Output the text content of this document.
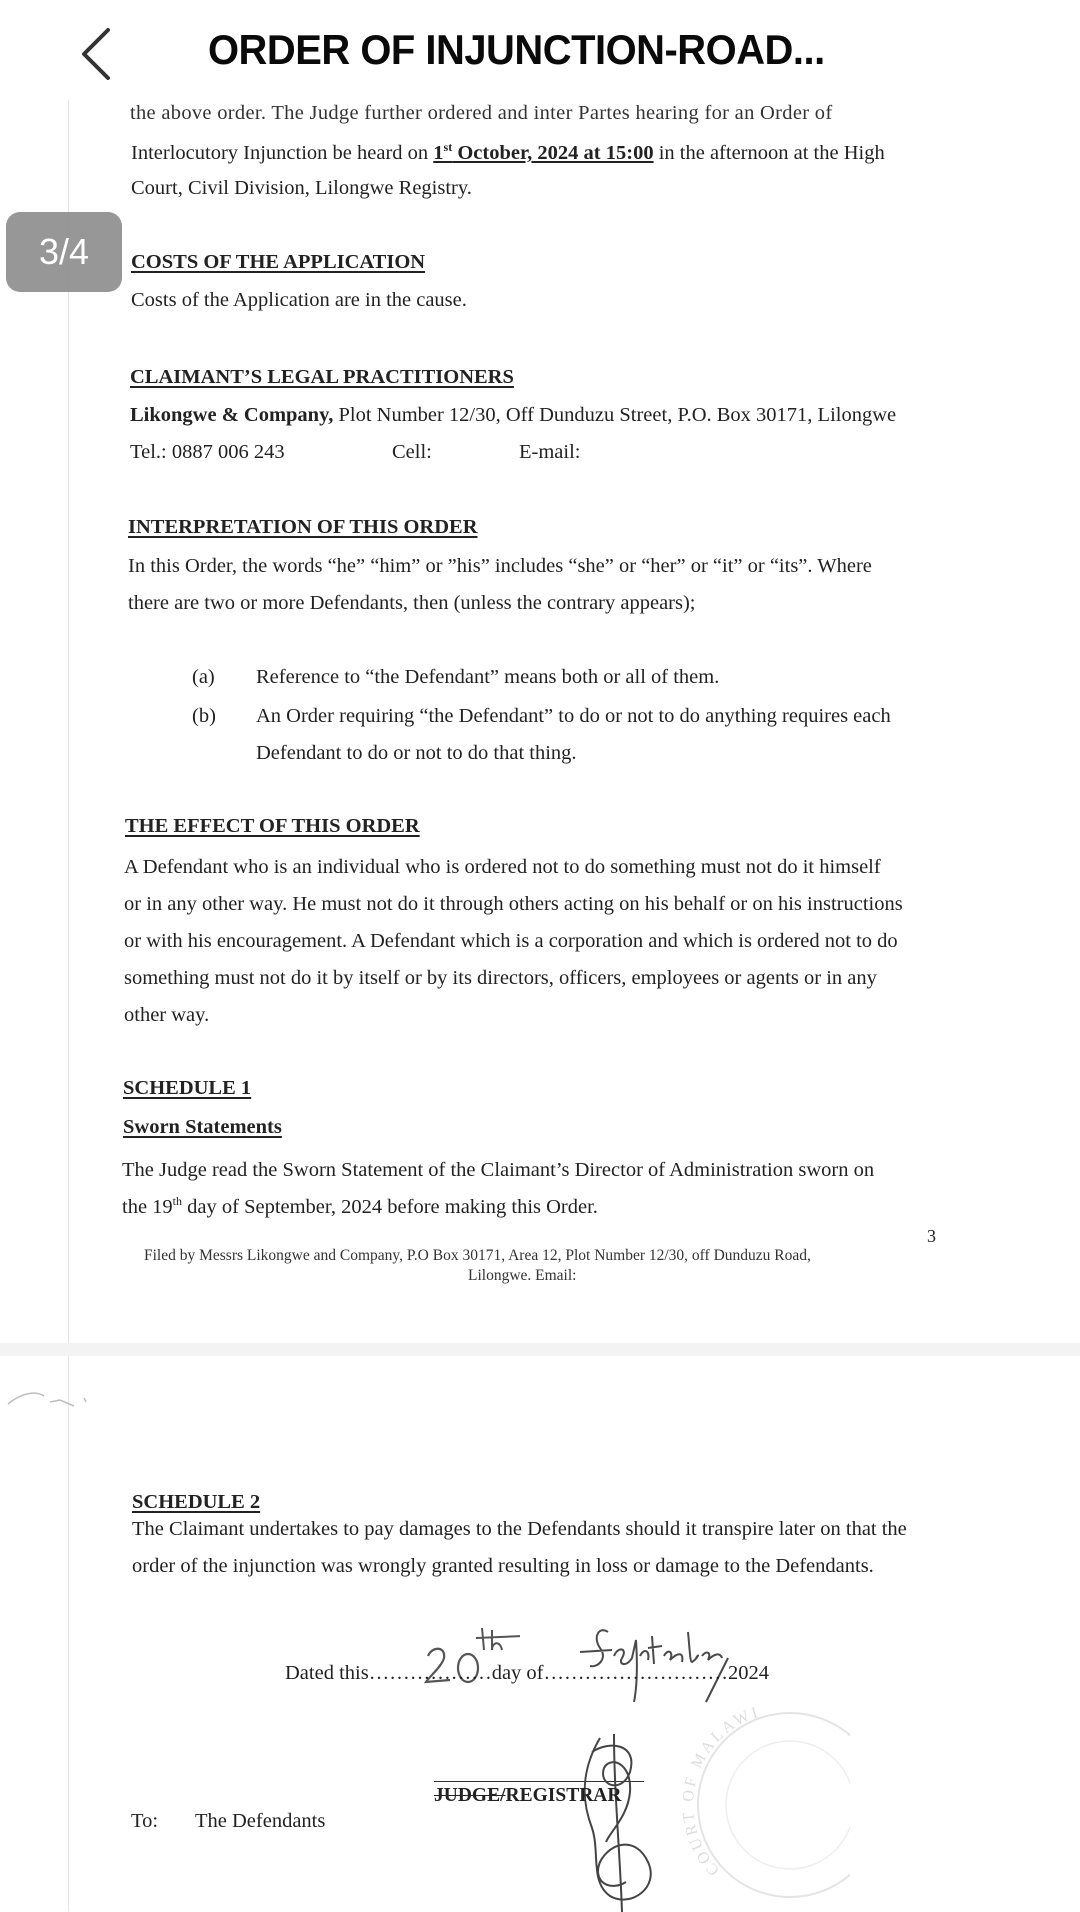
ORDER OF INJUNCTION-ROAD...
the above order. The Judge further ordered and inter Partes hearing for an Order of
Interlocutory Injunction be heard on 1st October, 2024 at 15:00 in the afternoon at the High
Court, Civil Division, Lilongwe Registry.
COSTS OF THE APPLICATION
Costs of the Application are in the cause.
CLAIMANT’S LEGAL PRACTITIONERS
Likongwe & Company, Plot Number 12/30, Off Dunduzu Street, P.O. Box 30171, Lilongwe
Tel.: 0887 006 243	Cell:	E-mail:
INTERPRETATION OF THIS ORDER
In this Order, the words “he” “him” or ”his” includes “she” or “her” or “it” or “its”. Where
there are two or more Defendants, then (unless the contrary appears);
(a) Reference to “the Defendant” means both or all of them.
(b) An Order requiring “the Defendant” to do or not to do anything requires each
Defendant to do or not to do that thing.
THE EFFECT OF THIS ORDER
A Defendant who is an individual who is ordered not to do something must not do it himself
or in any other way. He must not do it through others acting on his behalf or on his instructions
or with his encouragement. A Defendant which is a corporation and which is ordered not to do
something must not do it by itself or by its directors, officers, employees or agents or in any
other way.
SCHEDULE 1
Sworn Statements
The Judge read the Sworn Statement of the Claimant’s Director of Administration sworn on
the 19th day of September, 2024 before making this Order.
3
Filed by Messrs Likongwe and Company, P.O Box 30171, Area 12, Plot Number 12/30, off Dunduzu Road,
Lilongwe. Email:
SCHEDULE 2
The Claimant undertakes to pay damages to the Defendants should it transpire later on that the
order of the injunction was wrongly granted resulting in loss or damage to the Defendants.
Dated this………………day of………………………2024
COURT OF MALAWI
JUDGE/REGISTRAR
To: The Defendants
3/4
